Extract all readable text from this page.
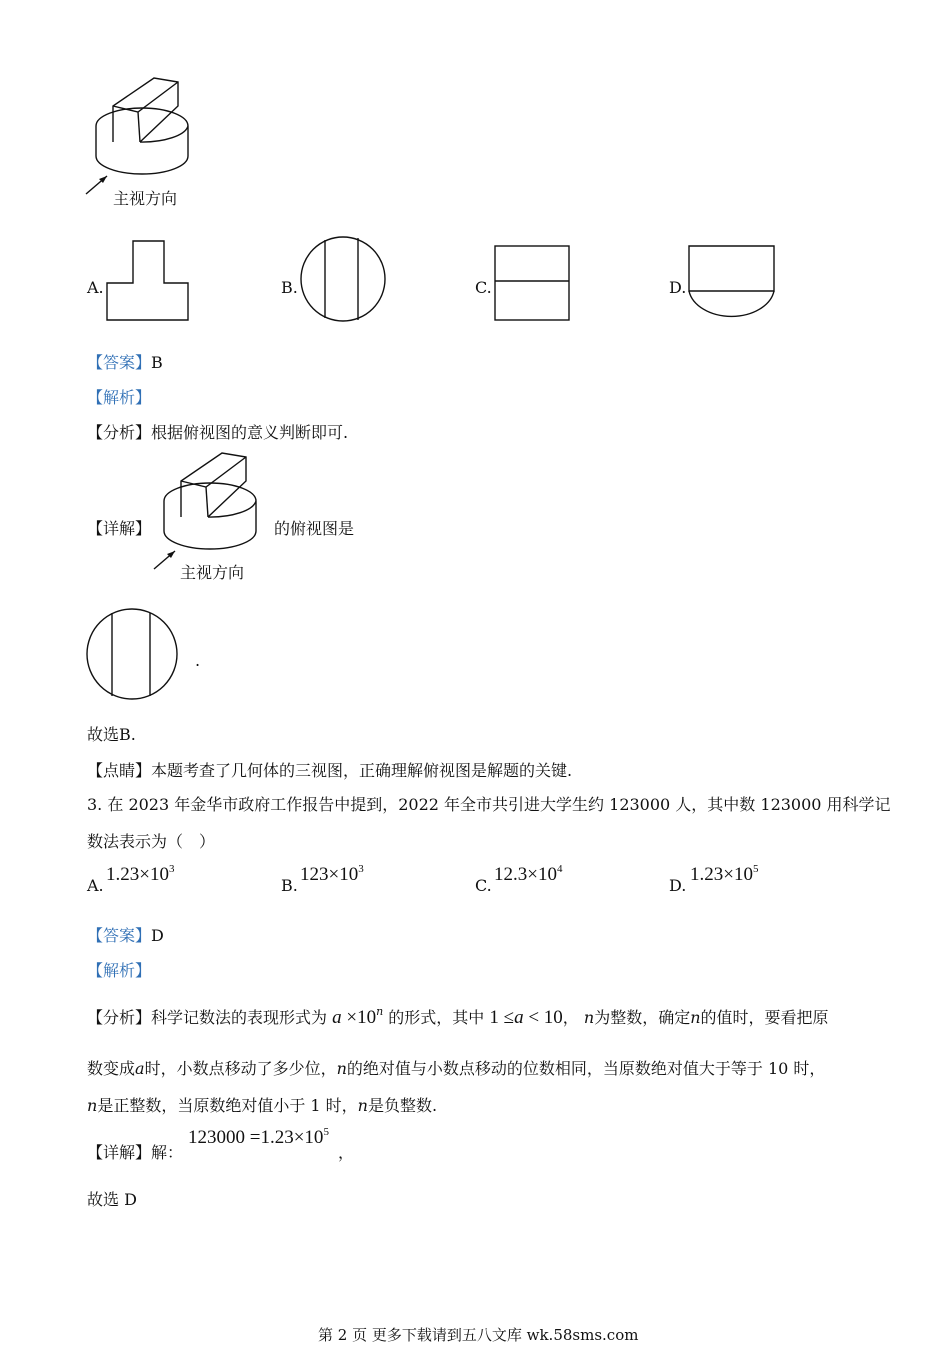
主视方向
A.	B.	C.	D.
【答案】B
【解析】
【分析】根据俯视图的意义判断即可.
【详解】	的俯视图是
主视方向
.
故选B.
【点睛】本题考查了几何体的三视图，正确理解俯视图是解题的关键.
3. 在 2023 年金华市政府工作报告中提到，2022 年全市共引进大学生约 123000 人，其中数 123000 用科学记
数法表示为（　）
A.
$1.23\times 10^3$
B.
$123\times 10^3$
C.
$12.3\times 10^4$
D.
$1.23\times 10^5$
【答案】D
【解析】
【分析】科学记数法的表现形式为 $a \times 10^n$ 的形式，其中 1 ≤a < 10， n为整数，确定n的值时，要看把原
数变成a时，小数点移动了多少位，n的绝对值与小数点移动的位数相同，当原数绝对值大于等于 10 时，
n是正整数，当原数绝对值小于 1 时，n是负整数.
【详解】解：
$123000 =1.23\times 10^5$
，
故选 D
第 2 页 更多下载请到五八文库 wk.58sms.com
